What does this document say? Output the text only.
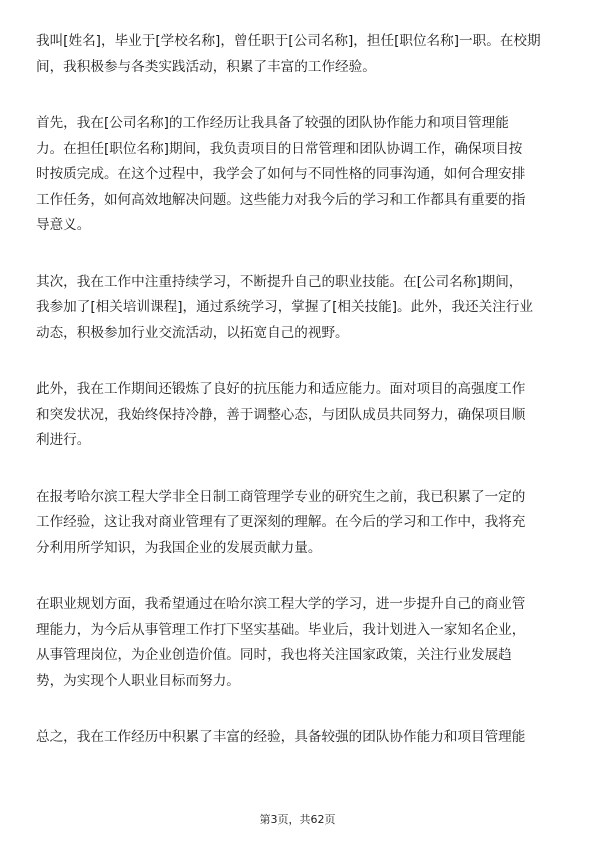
我叫[姓名]，毕业于[学校名称]，曾任职于[公司名称]，担任[职位名称]一职。在校期
间，我积极参与各类实践活动，积累了丰富的工作经验。

首先，我在[公司名称]的工作经历让我具备了较强的团队协作能力和项目管理能
力。在担任[职位名称]期间，我负责项目的日常管理和团队协调工作，确保项目按
时按质完成。在这个过程中，我学会了如何与不同性格的同事沟通，如何合理安排
工作任务，如何高效地解决问题。这些能力对我今后的学习和工作都具有重要的指
导意义。

其次，我在工作中注重持续学习，不断提升自己的职业技能。在[公司名称]期间，
我参加了[相关培训课程]，通过系统学习，掌握了[相关技能]。此外，我还关注行业
动态，积极参加行业交流活动，以拓宽自己的视野。

此外，我在工作期间还锻炼了良好的抗压能力和适应能力。面对项目的高强度工作
和突发状况，我始终保持冷静，善于调整心态，与团队成员共同努力，确保项目顺
利进行。

在报考哈尔滨工程大学非全日制工商管理学专业的研究生之前，我已积累了一定的
工作经验，这让我对商业管理有了更深刻的理解。在今后的学习和工作中，我将充
分利用所学知识，为我国企业的发展贡献力量。

在职业规划方面，我希望通过在哈尔滨工程大学的学习，进一步提升自己的商业管
理能力，为今后从事管理工作打下坚实基础。毕业后，我计划进入一家知名企业，
从事管理岗位，为企业创造价值。同时，我也将关注国家政策，关注行业发展趋
势，为实现个人职业目标而努力。

总之，我在工作经历中积累了丰富的经验，具备较强的团队协作能力和项目管理能

第3页，共62页
